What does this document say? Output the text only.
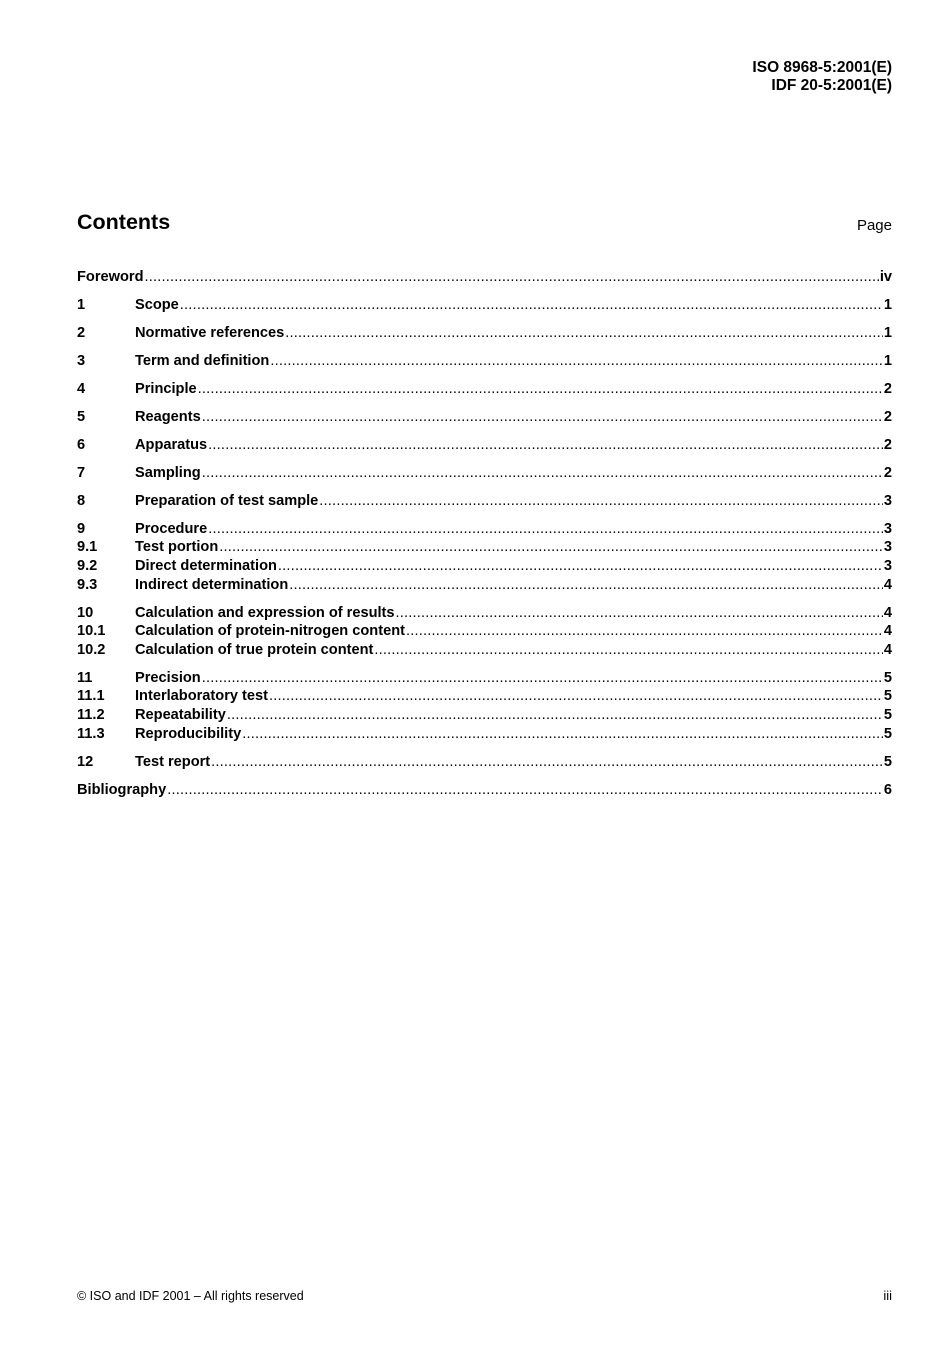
ISO 8968-5:2001(E)
IDF 20-5:2001(E)
Contents	Page
Foreword .....	iv
1	Scope .....	1
2	Normative references .....	1
3	Term and definition .....	1
4	Principle .....	2
5	Reagents .....	2
6	Apparatus .....	2
7	Sampling .....	2
8	Preparation of test sample .....	3
9	Procedure .....	3
9.1	Test portion .....	3
9.2	Direct determination .....	3
9.3	Indirect determination .....	4
10	Calculation and expression of results .....	4
10.1	Calculation of protein-nitrogen content .....	4
10.2	Calculation of true protein content .....	4
11	Precision .....	5
11.1	Interlaboratory test .....	5
11.2	Repeatability .....	5
11.3	Reproducibility .....	5
12	Test report .....	5
Bibliography .....	6
© ISO and IDF 2001 – All rights reserved	iii
